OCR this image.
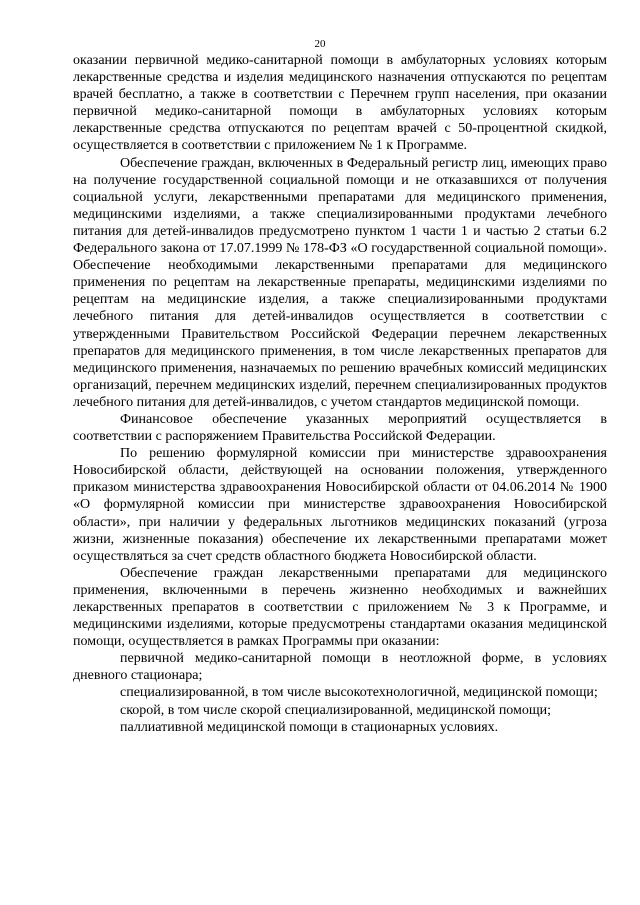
20

оказании первичной медико-санитарной помощи в амбулаторных условиях которым лекарственные средства и изделия медицинского назначения отпускаются по рецептам врачей бесплатно, а также в соответствии с Перечнем групп населения, при оказании первичной медико-санитарной помощи в амбулаторных условиях которым лекарственные средства отпускаются по рецептам врачей с 50-процентной скидкой, осуществляется в соответствии с приложением № 1 к Программе.

Обеспечение граждан, включенных в Федеральный регистр лиц, имеющих право на получение государственной социальной помощи и не отказавшихся от получения социальной услуги, лекарственными препаратами для медицинского применения, медицинскими изделиями, а также специализированными продуктами лечебного питания для детей-инвалидов предусмотрено пунктом 1 части 1 и частью 2 статьи 6.2 Федерального закона от 17.07.1999 № 178-ФЗ «О государственной социальной помощи». Обеспечение необходимыми лекарственными препаратами для медицинского применения по рецептам на лекарственные препараты, медицинскими изделиями по рецептам на медицинские изделия, а также специализированными продуктами лечебного питания для детей-инвалидов осуществляется в соответствии с утвержденными Правительством Российской Федерации перечнем лекарственных препаратов для медицинского применения, в том числе лекарственных препаратов для медицинского применения, назначаемых по решению врачебных комиссий медицинских организаций, перечнем медицинских изделий, перечнем специализированных продуктов лечебного питания для детей-инвалидов, с учетом стандартов медицинской помощи.

Финансовое обеспечение указанных мероприятий осуществляется в соответствии с распоряжением Правительства Российской Федерации.

По решению формулярной комиссии при министерстве здравоохранения Новосибирской области, действующей на основании положения, утвержденного приказом министерства здравоохранения Новосибирской области от 04.06.2014 № 1900 «О формулярной комиссии при министерстве здравоохранения Новосибирской области», при наличии у федеральных льготников медицинских показаний (угроза жизни, жизненные показания) обеспечение их лекарственными препаратами может осуществляться за счет средств областного бюджета Новосибирской области.

Обеспечение граждан лекарственными препаратами для медицинского применения, включенными в перечень жизненно необходимых и важнейших лекарственных препаратов в соответствии с приложением № 3 к Программе, и медицинскими изделиями, которые предусмотрены стандартами оказания медицинской помощи, осуществляется в рамках Программы при оказании:

первичной медико-санитарной помощи в неотложной форме, в условиях дневного стационара;

специализированной, в том числе высокотехнологичной, медицинской помощи;

скорой, в том числе скорой специализированной, медицинской помощи;

паллиативной медицинской помощи в стационарных условиях.
